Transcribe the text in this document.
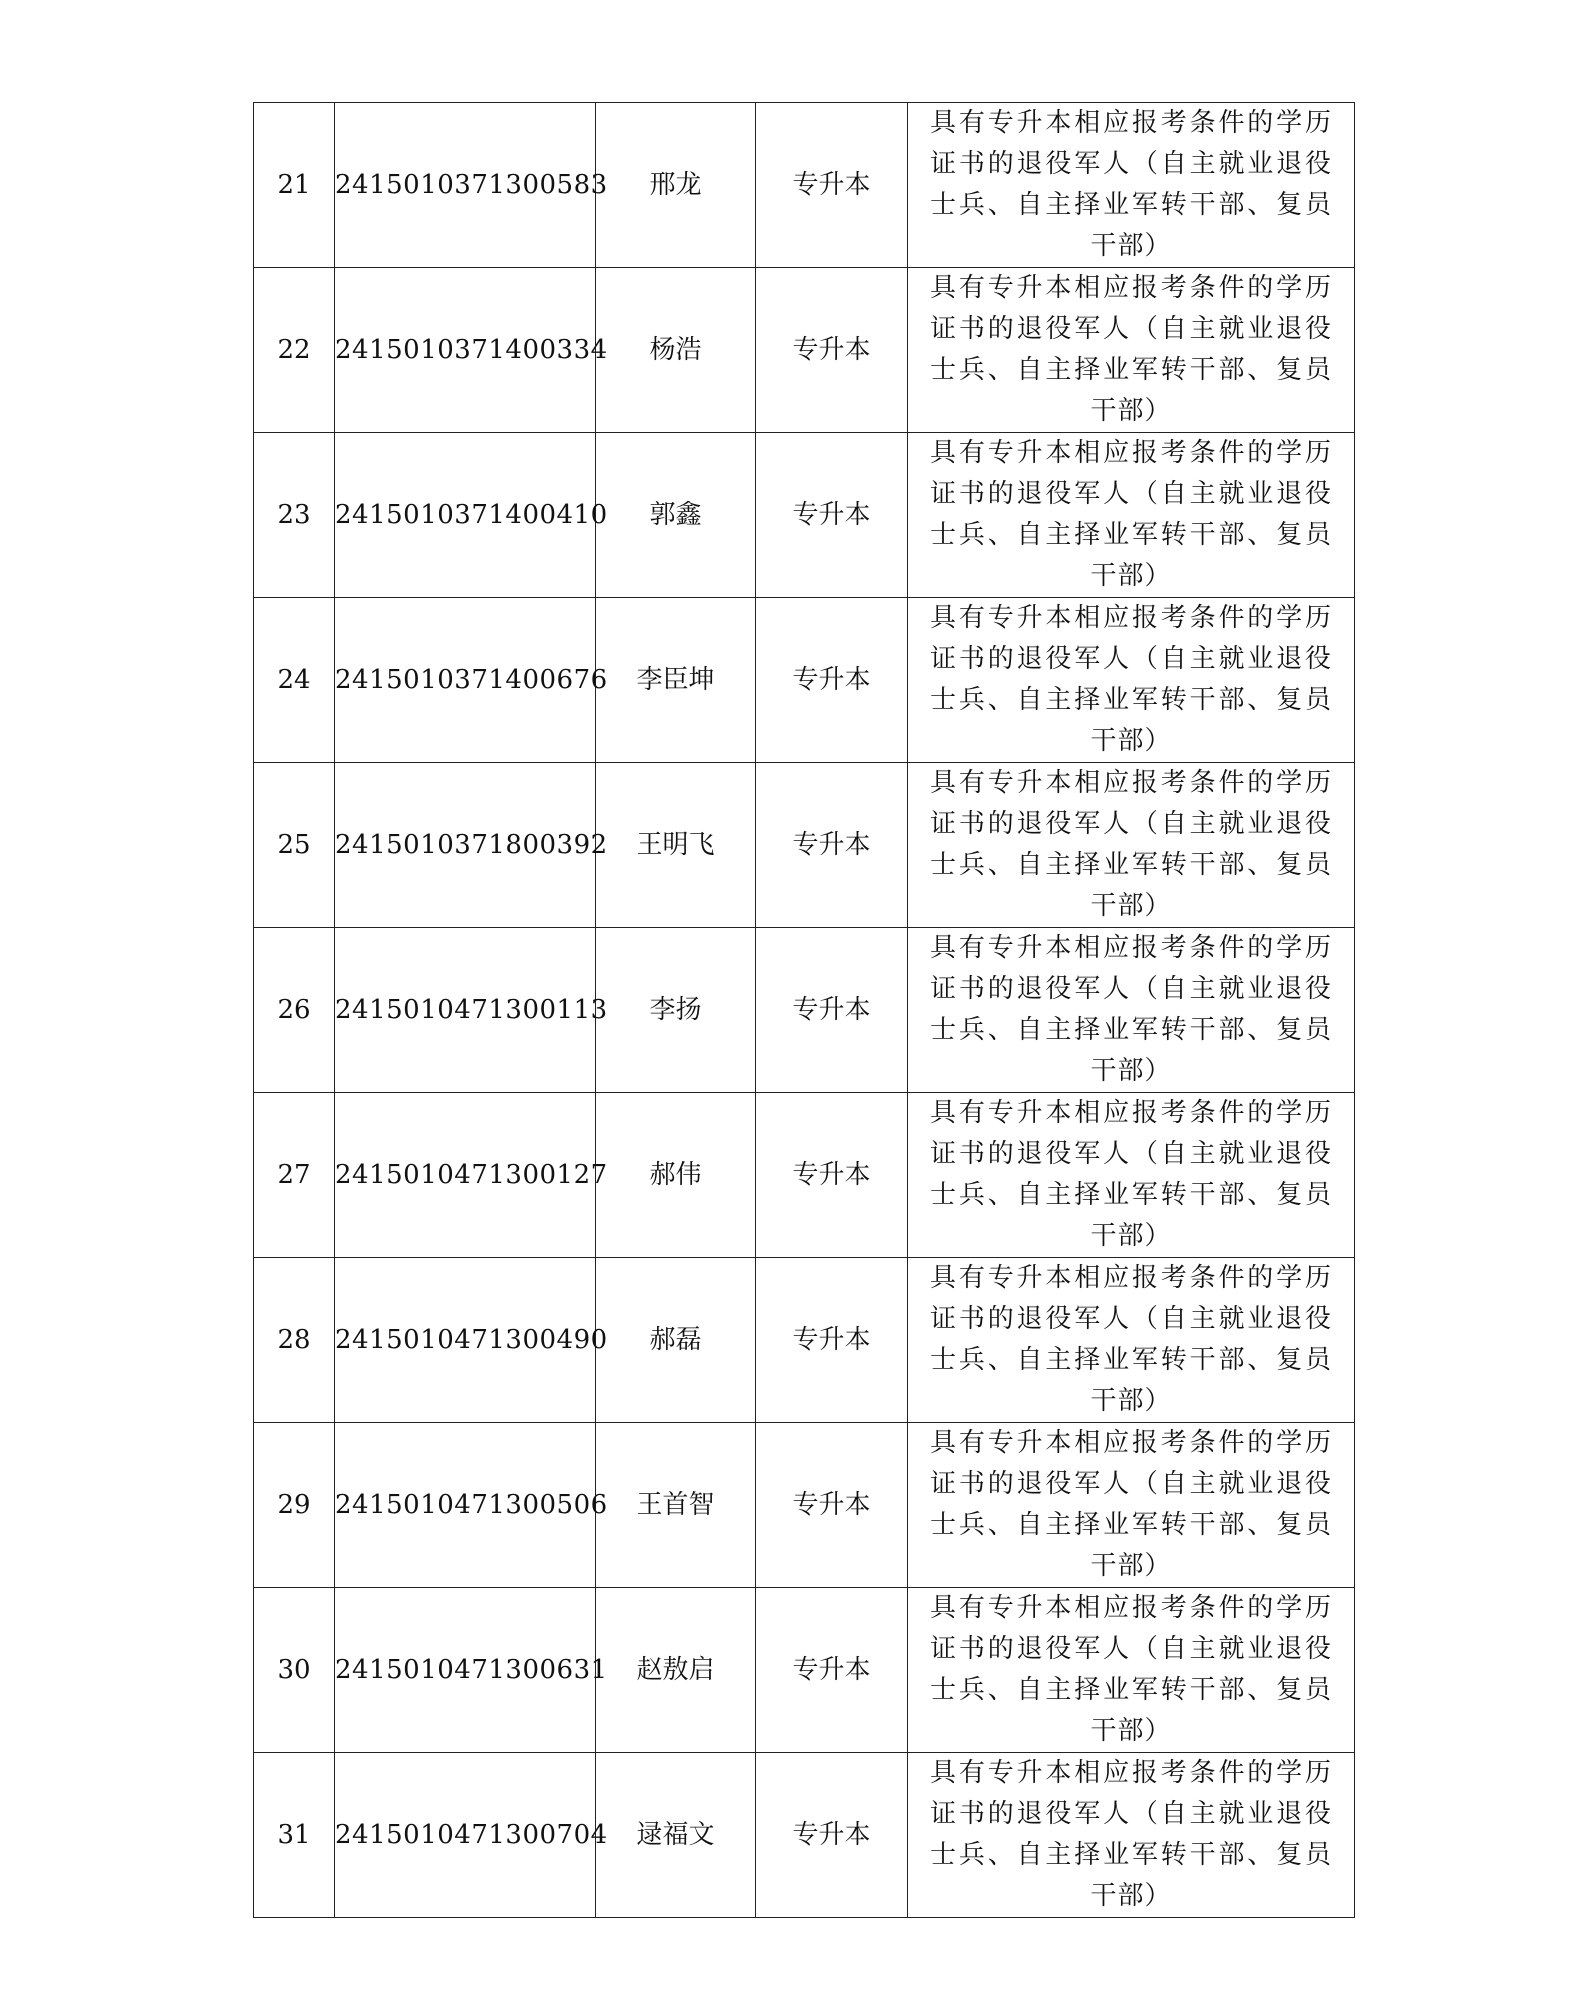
21	2415010371300583	邢龙	专升本	具有专升本相应报考条件的学历证书的退役军人（自主就业退役士兵、自主择业军转干部、复员干部）
22	2415010371400334	杨浩	专升本	具有专升本相应报考条件的学历证书的退役军人（自主就业退役士兵、自主择业军转干部、复员干部）
23	2415010371400410	郭鑫	专升本	具有专升本相应报考条件的学历证书的退役军人（自主就业退役士兵、自主择业军转干部、复员干部）
24	2415010371400676	李臣坤	专升本	具有专升本相应报考条件的学历证书的退役军人（自主就业退役士兵、自主择业军转干部、复员干部）
25	2415010371800392	王明飞	专升本	具有专升本相应报考条件的学历证书的退役军人（自主就业退役士兵、自主择业军转干部、复员干部）
26	2415010471300113	李扬	专升本	具有专升本相应报考条件的学历证书的退役军人（自主就业退役士兵、自主择业军转干部、复员干部）
27	2415010471300127	郝伟	专升本	具有专升本相应报考条件的学历证书的退役军人（自主就业退役士兵、自主择业军转干部、复员干部）
28	2415010471300490	郝磊	专升本	具有专升本相应报考条件的学历证书的退役军人（自主就业退役士兵、自主择业军转干部、复员干部）
29	2415010471300506	王首智	专升本	具有专升本相应报考条件的学历证书的退役军人（自主就业退役士兵、自主择业军转干部、复员干部）
30	2415010471300631	赵敖启	专升本	具有专升本相应报考条件的学历证书的退役军人（自主就业退役士兵、自主择业军转干部、复员干部）
31	2415010471300704	逯福文	专升本	具有专升本相应报考条件的学历证书的退役军人（自主就业退役士兵、自主择业军转干部、复员干部）
